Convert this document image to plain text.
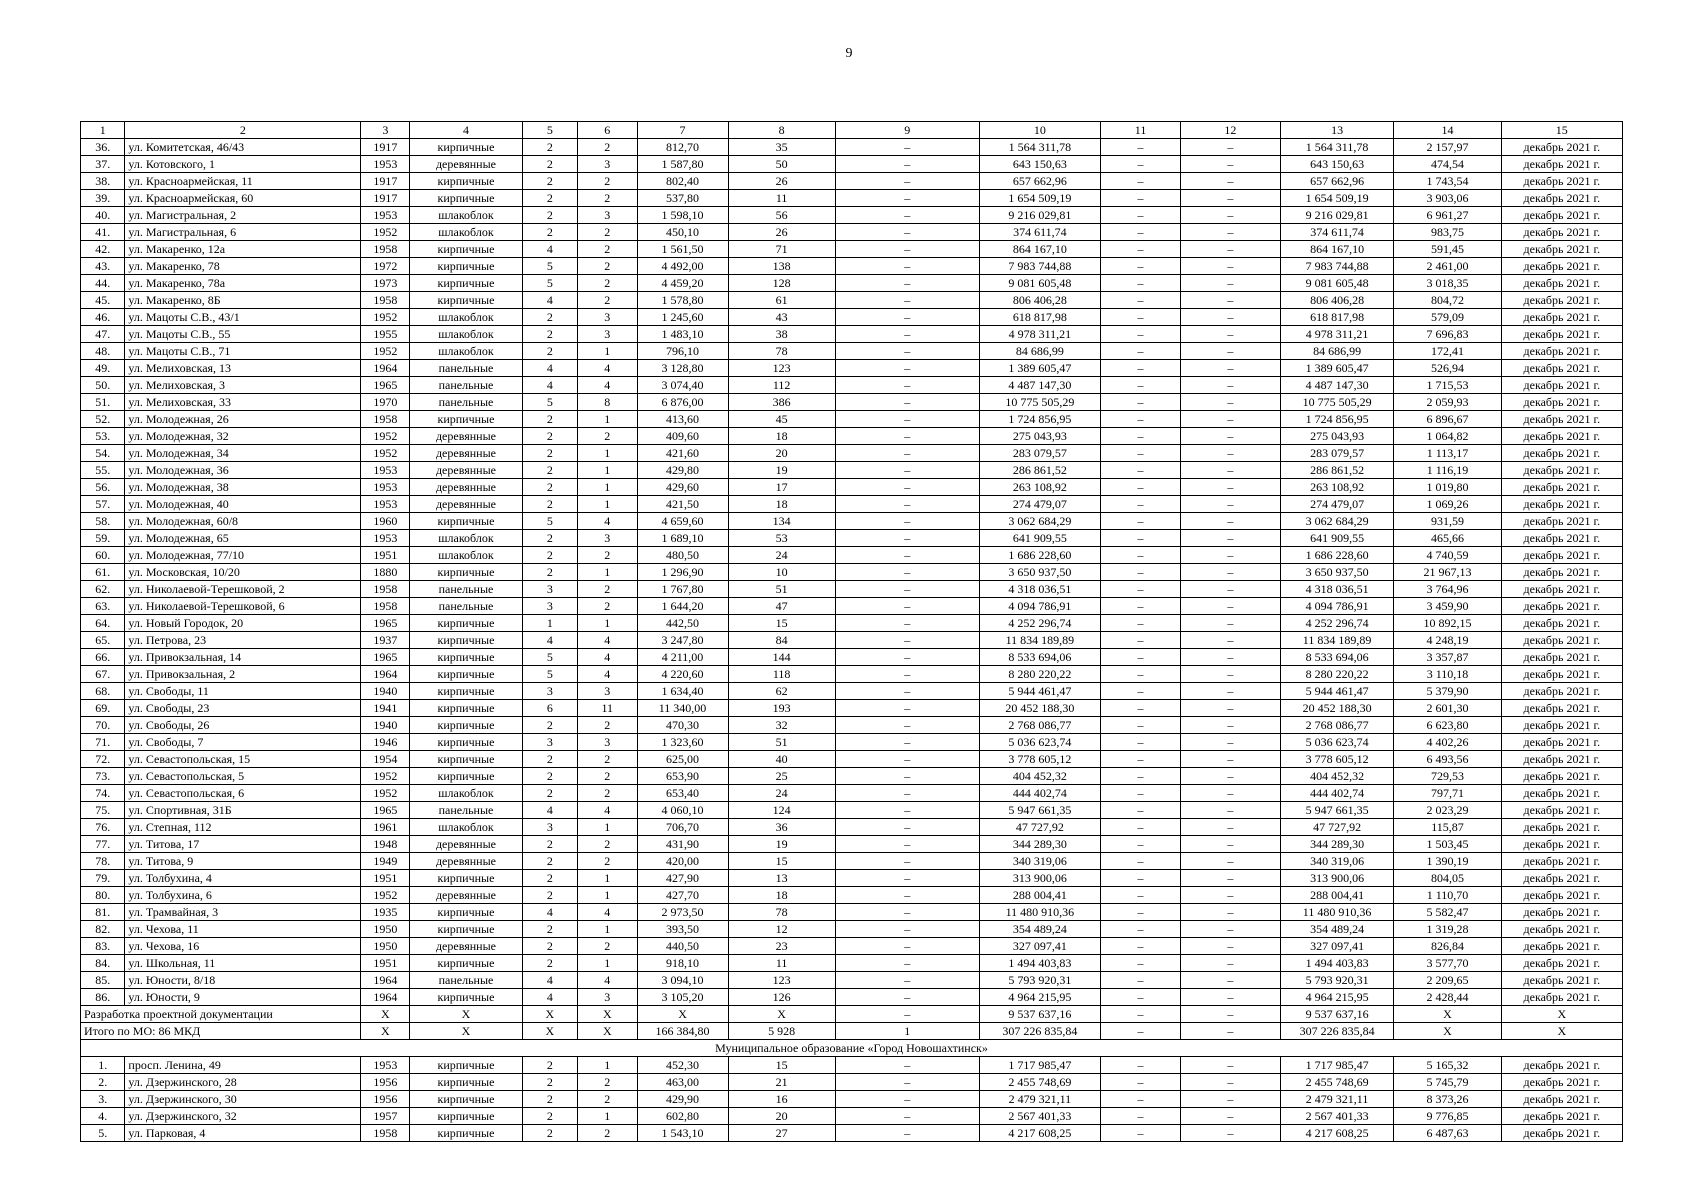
9
1	2	3	4	5	6	7	8	9	10	11	12	13	14	15
36.	ул. Комитетская, 46/43	1917	кирпичные	2	2	812,70	35	–	1 564 311,78	–	–	1 564 311,78	2 157,97	декабрь 2021 г.
37.	ул. Котовского, 1	1953	деревянные	2	3	1 587,80	50	–	643 150,63	–	–	643 150,63	474,54	декабрь 2021 г.
38.	ул. Красноармейская, 11	1917	кирпичные	2	2	802,40	26	–	657 662,96	–	–	657 662,96	1 743,54	декабрь 2021 г.
39.	ул. Красноармейская, 60	1917	кирпичные	2	2	537,80	11	–	1 654 509,19	–	–	1 654 509,19	3 903,06	декабрь 2021 г.
40.	ул. Магистральная, 2	1953	шлакоблок	2	3	1 598,10	56	–	9 216 029,81	–	–	9 216 029,81	6 961,27	декабрь 2021 г.
41.	ул. Магистральная, 6	1952	шлакоблок	2	2	450,10	26	–	374 611,74	–	–	374 611,74	983,75	декабрь 2021 г.
42.	ул. Макаренко, 12а	1958	кирпичные	4	2	1 561,50	71	–	864 167,10	–	–	864 167,10	591,45	декабрь 2021 г.
43.	ул. Макаренко, 78	1972	кирпичные	5	2	4 492,00	138	–	7 983 744,88	–	–	7 983 744,88	2 461,00	декабрь 2021 г.
44.	ул. Макаренко, 78а	1973	кирпичные	5	2	4 459,20	128	–	9 081 605,48	–	–	9 081 605,48	3 018,35	декабрь 2021 г.
45.	ул. Макаренко, 8Б	1958	кирпичные	4	2	1 578,80	61	–	806 406,28	–	–	806 406,28	804,72	декабрь 2021 г.
46.	ул. Мацоты С.В., 43/1	1952	шлакоблок	2	3	1 245,60	43	–	618 817,98	–	–	618 817,98	579,09	декабрь 2021 г.
47.	ул. Мацоты С.В., 55	1955	шлакоблок	2	3	1 483,10	38	–	4 978 311,21	–	–	4 978 311,21	7 696,83	декабрь 2021 г.
48.	ул. Мацоты С.В., 71	1952	шлакоблок	2	1	796,10	78	–	84 686,99	–	–	84 686,99	172,41	декабрь 2021 г.
49.	ул. Мелиховская, 13	1964	панельные	4	4	3 128,80	123	–	1 389 605,47	–	–	1 389 605,47	526,94	декабрь 2021 г.
50.	ул. Мелиховская, 3	1965	панельные	4	4	3 074,40	112	–	4 487 147,30	–	–	4 487 147,30	1 715,53	декабрь 2021 г.
51.	ул. Мелиховская, 33	1970	панельные	5	8	6 876,00	386	–	10 775 505,29	–	–	10 775 505,29	2 059,93	декабрь 2021 г.
52.	ул. Молодежная, 26	1958	кирпичные	2	1	413,60	45	–	1 724 856,95	–	–	1 724 856,95	6 896,67	декабрь 2021 г.
53.	ул. Молодежная, 32	1952	деревянные	2	2	409,60	18	–	275 043,93	–	–	275 043,93	1 064,82	декабрь 2021 г.
54.	ул. Молодежная, 34	1952	деревянные	2	1	421,60	20	–	283 079,57	–	–	283 079,57	1 113,17	декабрь 2021 г.
55.	ул. Молодежная, 36	1953	деревянные	2	1	429,80	19	–	286 861,52	–	–	286 861,52	1 116,19	декабрь 2021 г.
56.	ул. Молодежная, 38	1953	деревянные	2	1	429,60	17	–	263 108,92	–	–	263 108,92	1 019,80	декабрь 2021 г.
57.	ул. Молодежная, 40	1953	деревянные	2	1	421,50	18	–	274 479,07	–	–	274 479,07	1 069,26	декабрь 2021 г.
58.	ул. Молодежная, 60/8	1960	кирпичные	5	4	4 659,60	134	–	3 062 684,29	–	–	3 062 684,29	931,59	декабрь 2021 г.
59.	ул. Молодежная, 65	1953	шлакоблок	2	3	1 689,10	53	–	641 909,55	–	–	641 909,55	465,66	декабрь 2021 г.
60.	ул. Молодежная, 77/10	1951	шлакоблок	2	2	480,50	24	–	1 686 228,60	–	–	1 686 228,60	4 740,59	декабрь 2021 г.
61.	ул. Московская, 10/20	1880	кирпичные	2	1	1 296,90	10	–	3 650 937,50	–	–	3 650 937,50	21 967,13	декабрь 2021 г.
62.	ул. Николаевой-Терешковой, 2	1958	панельные	3	2	1 767,80	51	–	4 318 036,51	–	–	4 318 036,51	3 764,96	декабрь 2021 г.
63.	ул. Николаевой-Терешковой, 6	1958	панельные	3	2	1 644,20	47	–	4 094 786,91	–	–	4 094 786,91	3 459,90	декабрь 2021 г.
64.	ул. Новый Городок, 20	1965	кирпичные	1	1	442,50	15	–	4 252 296,74	–	–	4 252 296,74	10 892,15	декабрь 2021 г.
65.	ул. Петрова, 23	1937	кирпичные	4	4	3 247,80	84	–	11 834 189,89	–	–	11 834 189,89	4 248,19	декабрь 2021 г.
66.	ул. Привокзальная, 14	1965	кирпичные	5	4	4 211,00	144	–	8 533 694,06	–	–	8 533 694,06	3 357,87	декабрь 2021 г.
67.	ул. Привокзальная, 2	1964	кирпичные	5	4	4 220,60	118	–	8 280 220,22	–	–	8 280 220,22	3 110,18	декабрь 2021 г.
68.	ул. Свободы, 11	1940	кирпичные	3	3	1 634,40	62	–	5 944 461,47	–	–	5 944 461,47	5 379,90	декабрь 2021 г.
69.	ул. Свободы, 23	1941	кирпичные	6	11	11 340,00	193	–	20 452 188,30	–	–	20 452 188,30	2 601,30	декабрь 2021 г.
70.	ул. Свободы, 26	1940	кирпичные	2	2	470,30	32	–	2 768 086,77	–	–	2 768 086,77	6 623,80	декабрь 2021 г.
71.	ул. Свободы, 7	1946	кирпичные	3	3	1 323,60	51	–	5 036 623,74	–	–	5 036 623,74	4 402,26	декабрь 2021 г.
72.	ул. Севастопольская, 15	1954	кирпичные	2	2	625,00	40	–	3 778 605,12	–	–	3 778 605,12	6 493,56	декабрь 2021 г.
73.	ул. Севастопольская, 5	1952	кирпичные	2	2	653,90	25	–	404 452,32	–	–	404 452,32	729,53	декабрь 2021 г.
74.	ул. Севастопольская, 6	1952	шлакоблок	2	2	653,40	24	–	444 402,74	–	–	444 402,74	797,71	декабрь 2021 г.
75.	ул. Спортивная, 31Б	1965	панельные	4	4	4 060,10	124	–	5 947 661,35	–	–	5 947 661,35	2 023,29	декабрь 2021 г.
76.	ул. Степная, 112	1961	шлакоблок	3	1	706,70	36	–	47 727,92	–	–	47 727,92	115,87	декабрь 2021 г.
77.	ул. Титова, 17	1948	деревянные	2	2	431,90	19	–	344 289,30	–	–	344 289,30	1 503,45	декабрь 2021 г.
78.	ул. Титова, 9	1949	деревянные	2	2	420,00	15	–	340 319,06	–	–	340 319,06	1 390,19	декабрь 2021 г.
79.	ул. Толбухина, 4	1951	кирпичные	2	1	427,90	13	–	313 900,06	–	–	313 900,06	804,05	декабрь 2021 г.
80.	ул. Толбухина, 6	1952	деревянные	2	1	427,70	18	–	288 004,41	–	–	288 004,41	1 110,70	декабрь 2021 г.
81.	ул. Трамвайная, 3	1935	кирпичные	4	4	2 973,50	78	–	11 480 910,36	–	–	11 480 910,36	5 582,47	декабрь 2021 г.
82.	ул. Чехова, 11	1950	кирпичные	2	1	393,50	12	–	354 489,24	–	–	354 489,24	1 319,28	декабрь 2021 г.
83.	ул. Чехова, 16	1950	деревянные	2	2	440,50	23	–	327 097,41	–	–	327 097,41	826,84	декабрь 2021 г.
84.	ул. Школьная, 11	1951	кирпичные	2	1	918,10	11	–	1 494 403,83	–	–	1 494 403,83	3 577,70	декабрь 2021 г.
85.	ул. Юности, 8/18	1964	панельные	4	4	3 094,10	123	–	5 793 920,31	–	–	5 793 920,31	2 209,65	декабрь 2021 г.
86.	ул. Юности, 9	1964	кирпичные	4	3	3 105,20	126	–	4 964 215,95	–	–	4 964 215,95	2 428,44	декабрь 2021 г.
Разработка проектной документации		X	X	X	X	X	X	–	9 537 637,16	–	–	9 537 637,16	X	X
Итого по МО: 86 МКД		X	X	X	X	166 384,80	5 928	1	307 226 835,84	–	–	307 226 835,84	X	X
Муниципальное образование «Город Новошахтинск»														
1.	просп. Ленина, 49	1953	кирпичные	2	1	452,30	15	–	1 717 985,47	–	–	1 717 985,47	5 165,32	декабрь 2021 г.
2.	ул. Дзержинского, 28	1956	кирпичные	2	2	463,00	21	–	2 455 748,69	–	–	2 455 748,69	5 745,79	декабрь 2021 г.
3.	ул. Дзержинского, 30	1956	кирпичные	2	2	429,90	16	–	2 479 321,11	–	–	2 479 321,11	8 373,26	декабрь 2021 г.
4.	ул. Дзержинского, 32	1957	кирпичные	2	1	602,80	20	–	2 567 401,33	–	–	2 567 401,33	9 776,85	декабрь 2021 г.
5.	ул. Парковая, 4	1958	кирпичные	2	2	1 543,10	27	–	4 217 608,25	–	–	4 217 608,25	6 487,63	декабрь 2021 г.
